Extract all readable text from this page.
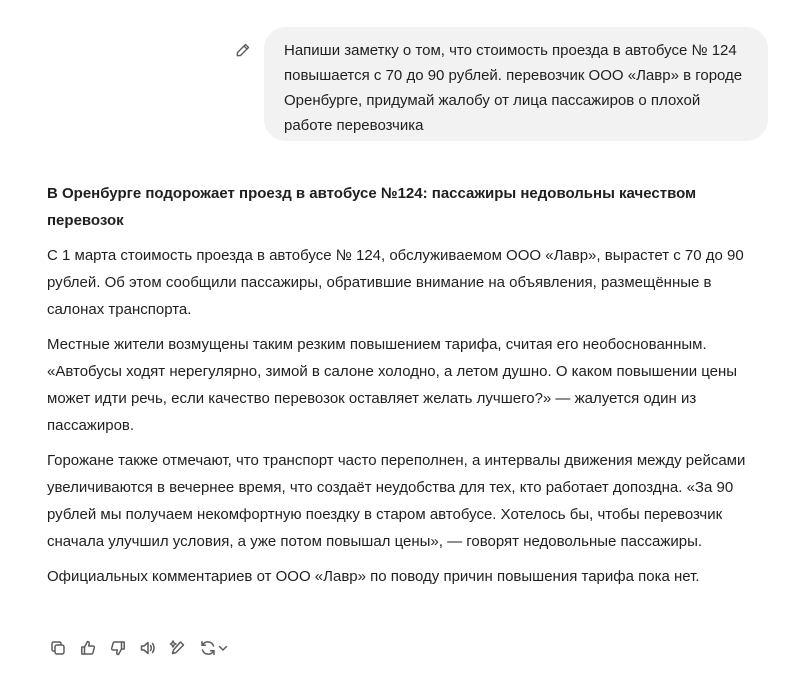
Напиши заметку о том, что стоимость проезда в автобусе № 124 повышается с 70 до 90 рублей. перевозчик ООО «Лавр» в городе Оренбурге, придумай жалобу от лица пассажиров о плохой работе перевозчика
В Оренбурге подорожает проезд в автобусе №124: пассажиры недовольны качеством перевозок

С 1 марта стоимость проезда в автобусе № 124, обслуживаемом ООО «Лавр», вырастет с 70 до 90 рублей. Об этом сообщили пассажиры, обратившие внимание на объявления, размещённые в салонах транспорта.

Местные жители возмущены таким резким повышением тарифа, считая его необоснованным. «Автобусы ходят нерегулярно, зимой в салоне холодно, а летом душно. О каком повышении цены может идти речь, если качество перевозок оставляет желать лучшего?» — жалуется один из пассажиров.

Горожане также отмечают, что транспорт часто переполнен, а интервалы движения между рейсами увеличиваются в вечернее время, что создаёт неудобства для тех, кто работает допоздна. «За 90 рублей мы получаем некомфортную поездку в старом автобусе. Хотелось бы, чтобы перевозчик сначала улучшил условия, а уже потом повышал цены», — говорят недовольные пассажиры.

Официальных комментариев от ООО «Лавр» по поводу причин повышения тарифа пока нет.
